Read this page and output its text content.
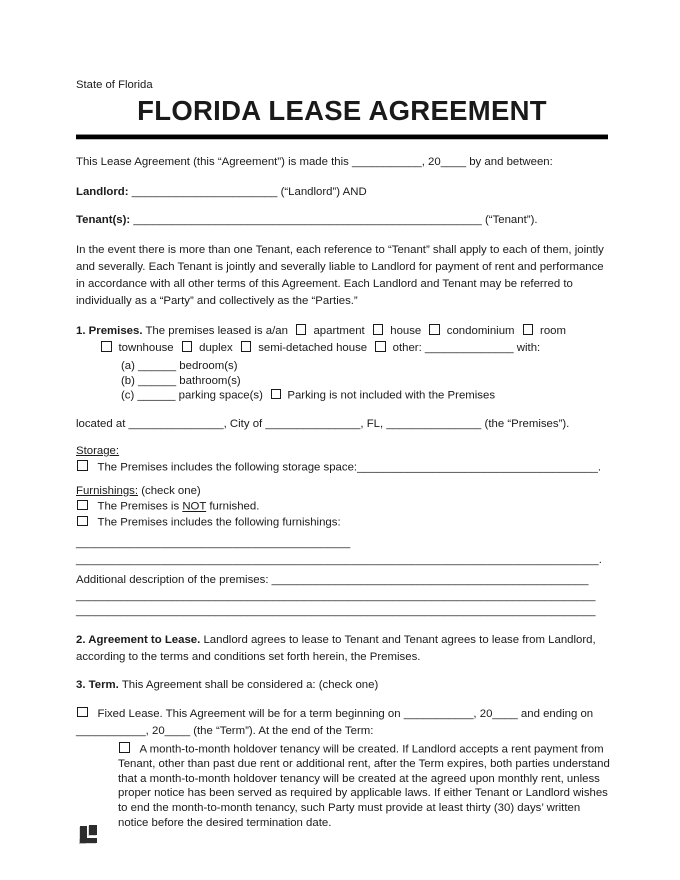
State of Florida
FLORIDA LEASE AGREEMENT

This Lease Agreement (this “Agreement”) is made this ___________, 20____ by and between:

Landlord: _______________________ (“Landlord”) AND

Tenant(s): _______________________________________________________ (“Tenant”).

In the event there is more than one Tenant, each reference to “Tenant” shall apply to each of them, jointly and severally. Each Tenant is jointly and severally liable to Landlord for payment of rent and performance in accordance with all other terms of this Agreement. Each Landlord and Tenant may be referred to individually as a “Party” and collectively as the “Parties.”

1. Premises. The premises leased is a/an apartment house condominium room
townhouse duplex semi-detached house other: ______________ with:
(a) ______ bedroom(s)
(b) ______ bathroom(s)
(c) ______ parking space(s) Parking is not included with the Premises

located at _______________, City of _______________, FL, _______________ (the “Premises”).

Storage:
The Premises includes the following storage space:______________________________________.
Furnishings: (check one)
The Premises is NOT furnished.
The Premises includes the following furnishings:
__________________________________________
________________________________________________________________________________.
Additional description of the premises: __________________________________________________
__________________________________________________________________________________
__________________________________________________________________________________

2. Agreement to Lease. Landlord agrees to lease to Tenant and Tenant agrees to lease from Landlord, according to the terms and conditions set forth herein, the Premises.

3. Term. This Agreement shall be considered a: (check one)

Fixed Lease. This Agreement will be for a term beginning on ___________, 20____ and ending on ___________, 20____ (the “Term”). At the end of the Term:

A month-to-month holdover tenancy will be created. If Landlord accepts a rent payment from Tenant, other than past due rent or additional rent, after the Term expires, both parties understand that a month-to-month holdover tenancy will be created at the agreed upon monthly rent, unless proper notice has been served as required by applicable laws. If either Tenant or Landlord wishes to end the month-to-month tenancy, such Party must provide at least thirty (30) days’ written notice before the desired termination date.
